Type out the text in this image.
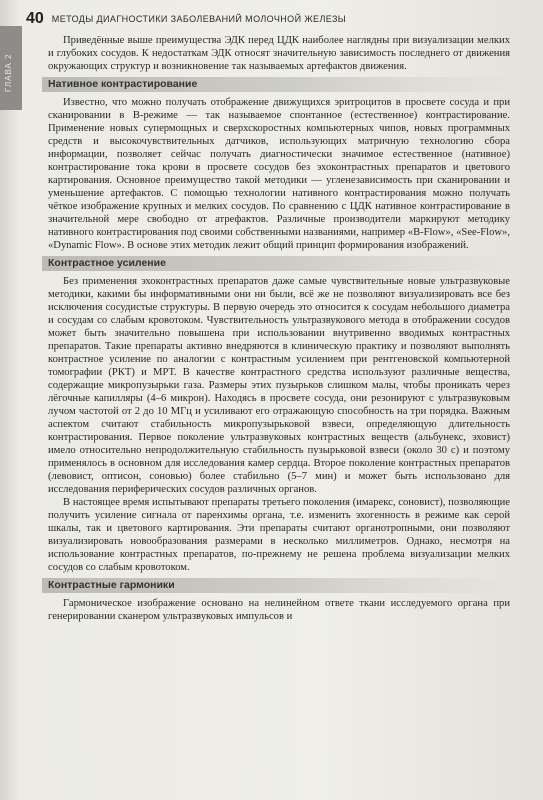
ГЛАВА 2
40 МЕТОДЫ ДИАГНОСТИКИ ЗАБОЛЕВАНИЙ МОЛОЧНОЙ ЖЕЛЕЗЫ

Приведённые выше преимущества ЭДК перед ЦДК наиболее наглядны при визуализации мелких и глубоких сосудов. К недостаткам ЭДК относят значительную зависимость последнего от движения окружающих структур и возникновение так называемых артефактов движения.

Нативное контрастирование

Известно, что можно получать отображение движущихся эритроцитов в просвете сосуда и при сканировании в B-режиме — так называемое спонтанное (естественное) контрастирование. Применение новых супермощных и сверхскоростных компьютерных чипов, новых программных средств и высокочувствительных датчиков, использующих матричную технологию сбора информации, позволяет сейчас получать диагностически значимое естественное (нативное) контрастирование тока крови в просвете сосудов без эхоконтрастных препаратов и цветового картирования. Основное преимущество такой методики — угленезависимость при сканировании и уменьшение артефактов. С помощью технологии нативного контрастирования можно получать чёткое изображение крупных и мелких сосудов. По сравнению с ЦДК нативное контрастирование в значительной мере свободно от атрефактов. Различные производители маркируют методику нативного контрастирования под своими собственными названиями, например «B-Flow», «See-Flow», «Dynamic Flow». В основе этих методик лежит общий принцип формирования изображений.

Контрастное усиление

Без применения эхоконтрастных препаратов даже самые чувствительные новые ультразвуковые методики, какими бы информативными они ни были, всё же не позволяют визуализировать все без исключения сосудистые структуры. В первую очередь это относится к сосудам небольшого диаметра и сосудам со слабым кровотоком. Чувствительность ультразвукового метода в отображении сосудов может быть значительно повышена при использовании внутривенно вводимых контрастных препаратов. Такие препараты активно внедряются в клиническую практику и позволяют выполнять контрастное усиление по аналогии с контрастным усилением при рентгеновской компьютерной томографии (РКТ) и МРТ. В качестве контрастного средства используют различные вещества, содержащие микропузырьки газа. Размеры этих пузырьков слишком малы, чтобы проникать через лёгочные капилляры (4–6 микрон). Находясь в просвете сосуда, они резонируют с ультразвуковым лучом частотой от 2 до 10 МГц и усиливают его отражающую способность на три порядка. Важным аспектом считают стабильность микропузырьковой взвеси, определяющую длительность контрастирования. Первое поколение ультразвуковых контрастных веществ (альбунекс, эховист) имело относительно непродолжительную стабильность пузырьковой взвеси (около 30 с) и поэтому применялось в основном для исследования камер сердца. Второе поколение контрастных препаратов (левовист, оптисон, соновью) более стабильно (5–7 мин) и может быть использовано для исследования периферических сосудов различных органов.

В настоящее время испытывают препараты третьего поколения (имарекс, соновист), позволяющие получить усиление сигнала от паренхимы органа, т.е. изменить эхогенность в режиме как серой шкалы, так и цветового картирования. Эти препараты считают органотропными, они позволяют визуализировать новообразования размерами в несколько миллиметров. Однако, несмотря на использование контрастных препаратов, по-прежнему не решена проблема визуализации мелких сосудов со слабым кровотоком.

Контрастные гармоники

Гармоническое изображение основано на нелинейном ответе ткани исследуемого органа при генерировании сканером ультразвуковых импульсов и
